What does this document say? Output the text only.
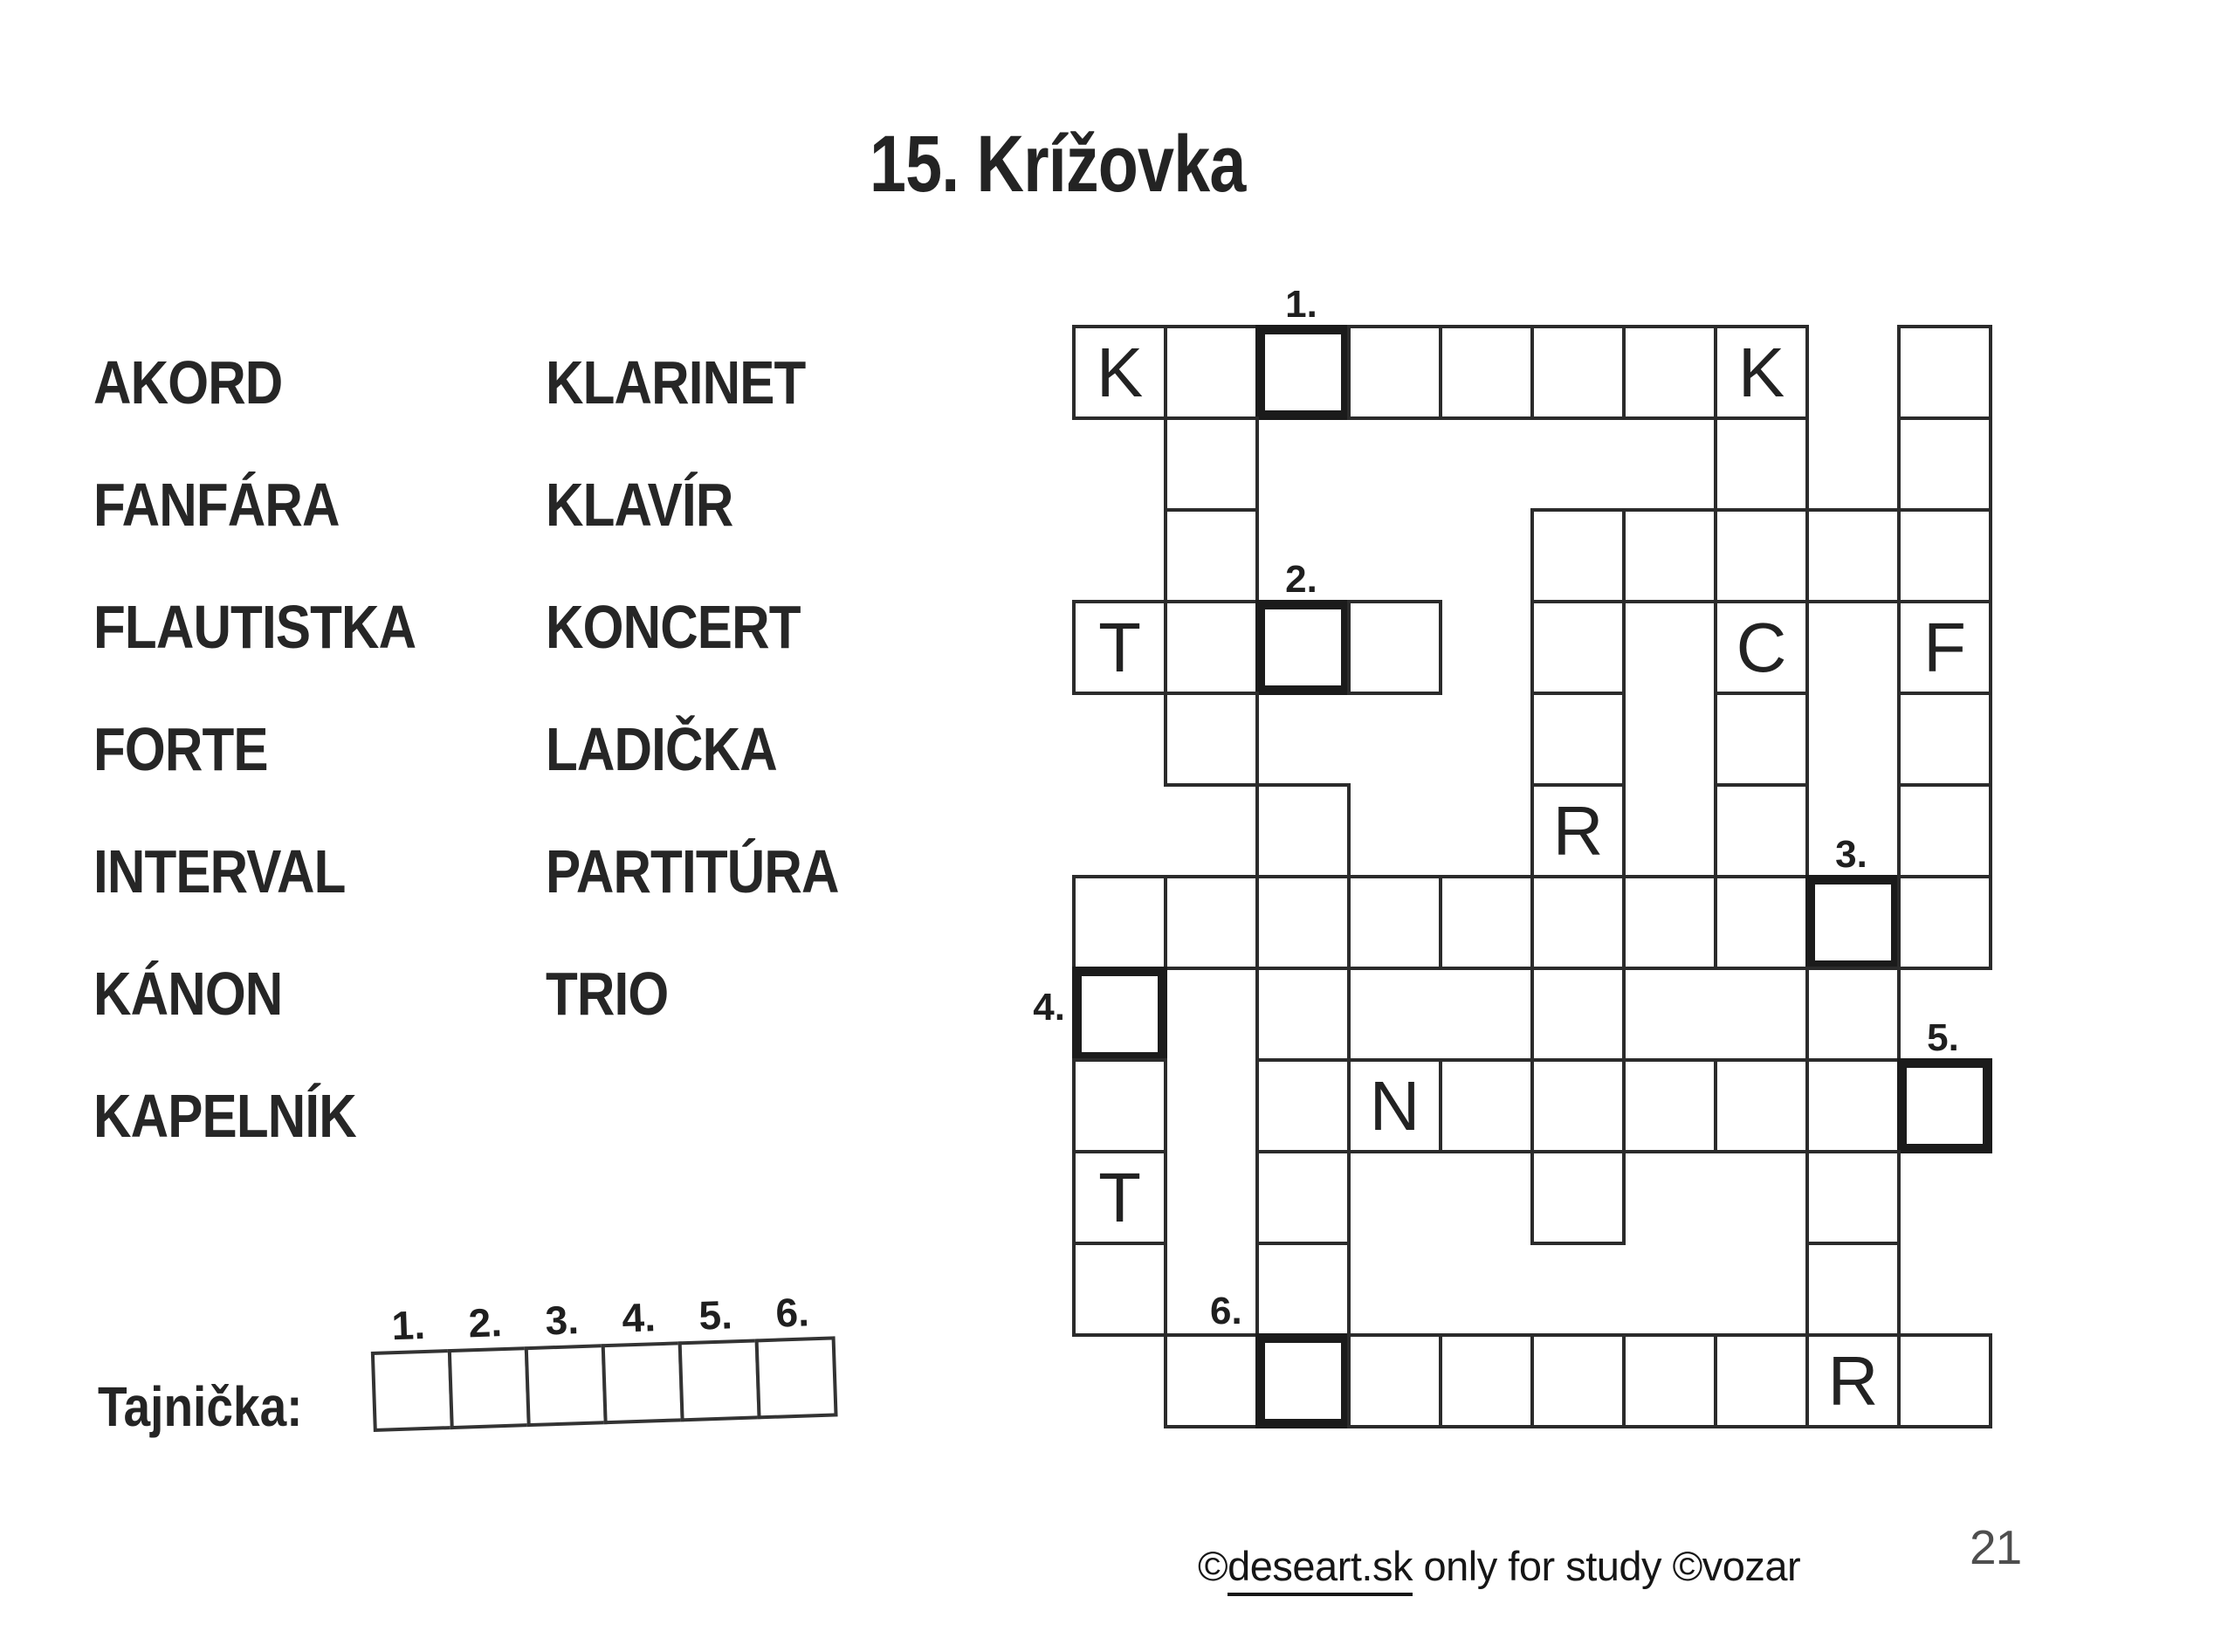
15. Krížovka
AKORD
FANFÁRA
FLAUTISTKA
FORTE
INTERVAL
KÁNON
KAPELNÍK
KLARINET
KLAVÍR
KONCERT
LADIČKA
PARTITÚRA
TRIO
K	K
T	C	F
R
N
T
R
1.
2.
3.
4.
5.
6.
Tajnička:
1.	2.	3.	4.	5.	6.
©deseart.sk only for study ©vozar	21
